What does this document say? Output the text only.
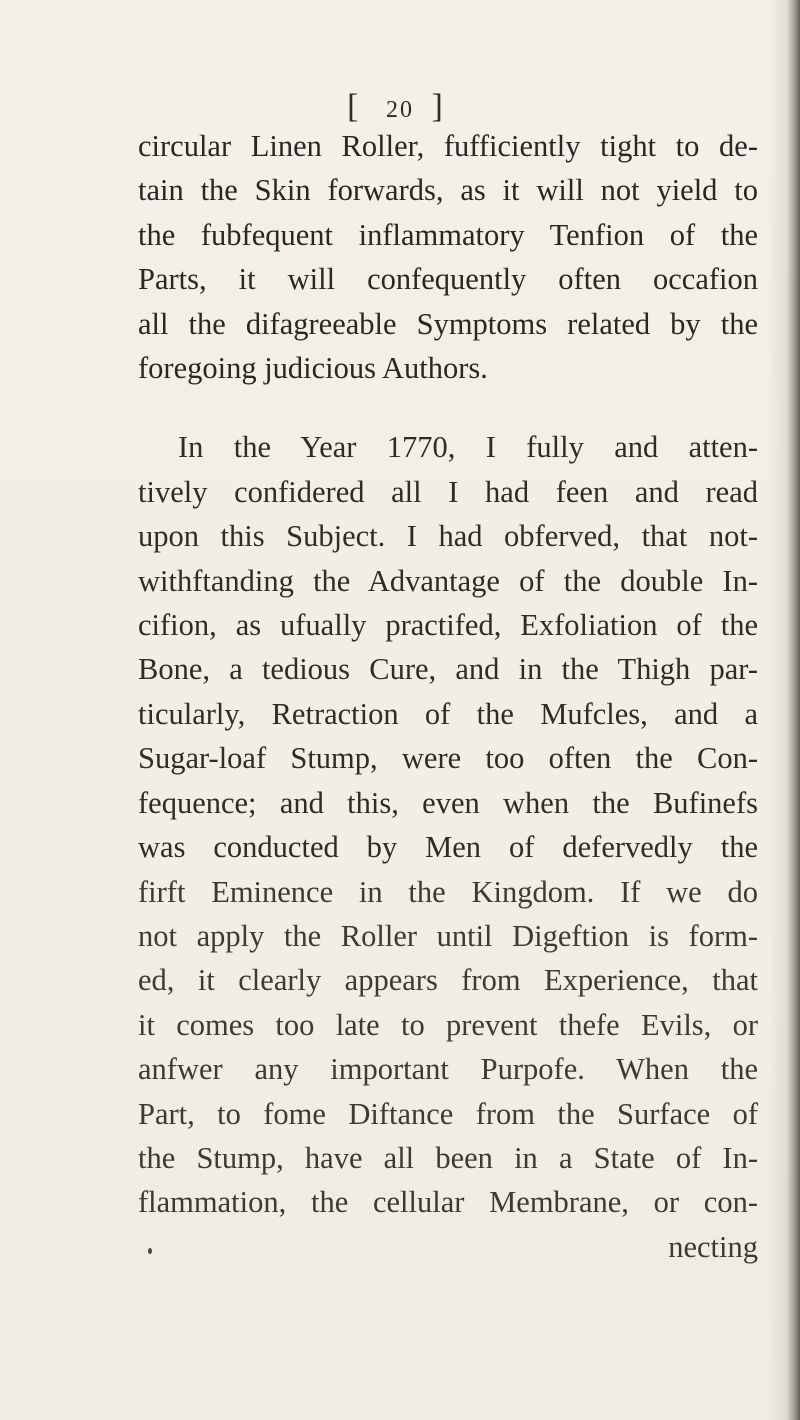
[ 20 ]
circular Linen Roller, fufficiently tight to de-
tain the Skin forwards, as it will not yield to
the fubfequent inflammatory Tenfion of the
Parts, it will confequently often occafion
all the difagreeable Symptoms related by the
foregoing judicious Authors.
In the Year 1770, I fully and atten-
tively confidered all I had feen and read
upon this Subject. I had obferved, that not-
withftanding the Advantage of the double In-
cifion, as ufually practifed, Exfoliation of the
Bone, a tedious Cure, and in the Thigh par-
ticularly, Retraction of the Mufcles, and a
Sugar-loaf Stump, were too often the Con-
fequence; and this, even when the Bufinefs
was conducted by Men of defervedly the
firft Eminence in the Kingdom. If we do
not apply the Roller until Digeftion is form-
ed, it clearly appears from Experience, that
it comes too late to prevent thefe Evils, or
anfwer any important Purpofe. When the
Part, to fome Diftance from the Surface of
the Stump, have all been in a State of In-
flammation, the cellular Membrane, or con-
necting
